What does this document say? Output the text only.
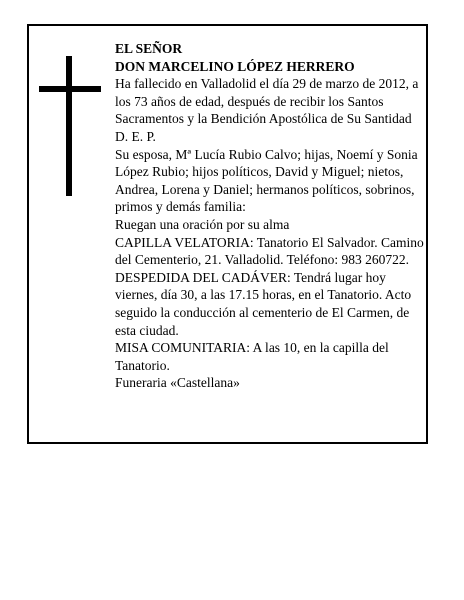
EL SEÑOR

DON MARCELINO LÓPEZ HERRERO

Ha fallecido en Valladolid el día 29 de marzo de 2012, a los 73 años de edad, después de recibir los Santos Sacramentos y la Bendición Apostólica de Su Santidad

D. E. P.

Su esposa, Mª Lucía Rubio Calvo; hijas, Noemí y Sonia López Rubio; hijos políticos, David y Miguel; nietos, Andrea, Lorena y Daniel; hermanos políticos, sobrinos, primos y demás familia:

Ruegan una oración por su alma

CAPILLA VELATORIA: Tanatorio El Salvador. Camino del Cementerio, 21. Valladolid. Teléfono: 983 260722.

DESPEDIDA DEL CADÁVER: Tendrá lugar hoy viernes, día 30, a las 17.15 horas, en el Tanatorio. Acto seguido la conducción al cementerio de El Carmen, de esta ciudad.

MISA COMUNITARIA: A las 10, en la capilla del Tanatorio.

Funeraria «Castellana»
